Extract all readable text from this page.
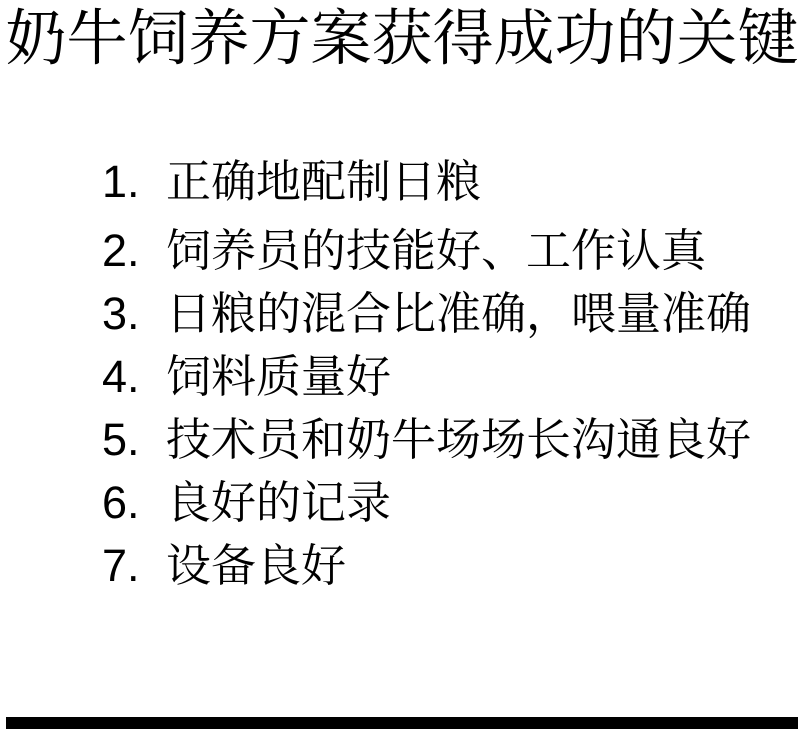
奶牛饲养方案获得成功的关键
1. 正确地配制日粮
2. 饲养员的技能好、工作认真
3. 日粮的混合比准确，喂量准确
4. 饲料质量好
5. 技术员和奶牛场场长沟通良好
6. 良好的记录
7. 设备良好
